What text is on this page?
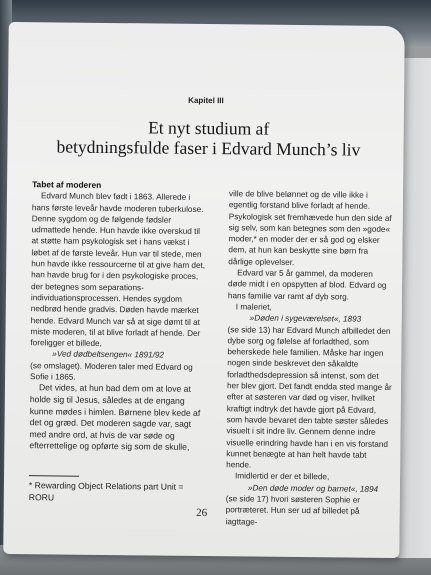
Kapitel III
Et nyt studium af
betydningsfulde faser i Edvard Munch’s liv

Tabet af moderen

Edvard Munch blev født i 1863. Allerede i hans første leveår havde moderen tuberkulose. Denne sygdom og de følgende fødsler udmattede hende. Hun havde ikke overskud til at støtte ham psykologisk set i hans vækst i løbet af de første leveår. Hun var til stede, men hun havde ikke ressourcerne til at give ham det, han havde brug for i den psykologiske proces, der betegnes som separations-individuationsprocessen. Hendes sygdom nedbrød hende gradvis. Døden havde mærket hende. Edvard Munch var så at sige dømt til at miste moderen, til at blive forladt af hende. Der foreligger et billede,

»Ved dødbeltsengen« 1891/92

(se omslaget). Moderen taler med Edvard og Sofie i 1865.

Det vides, at hun bad dem om at love at holde sig til Jesus, således at de engang kunne mødes i himlen. Børnene blev kede af det og græd. Det moderen sagde var, sagt med andre ord, at hvis de var søde og efterrettelige og opførte sig som de skulle,

ville de blive belønnet og de ville ikke i egentlig forstand blive forladt af hende. Psykologisk set fremhævede hun den side af sig selv, som kan betegnes som den »gode« moder,* en moder der er så god og elsker dem, at hun kan beskytte sine børn fra dårlige oplevelser.

Edvard var 5 år gammel, da moderen døde midt i en opspytten af blod. Edvard og hans familie var ramt af dyb sorg.

I maleriet,

»Døden i sygeværelset«, 1893

(se side 13) har Edvard Munch afbilledet den dybe sorg og følelse af forladthed, som beherskede hele familien. Måske har ingen nogen sinde beskrevet den såkaldte forladthedsdepression så intenst, som det her blev gjort. Det fandt endda sted mange år efter at søsteren var død og viser, hvilket kraftigt indtryk det havde gjort på Edvard, som havde bevaret den tabte søster således visuelt i sit indre liv. Gennem denne indre visuelle erindring havde han i en vis forstand kunnet benægte at han helt havde tabt hende.

Imidlertid er der et billede,

»Den døde moder og barnet«, 1894

(se side 17) hvori søsteren Sophie er portræteret. Hun ser ud af billedet på iagttage-

* Rewarding Object Relations part Unit = RORU
26
